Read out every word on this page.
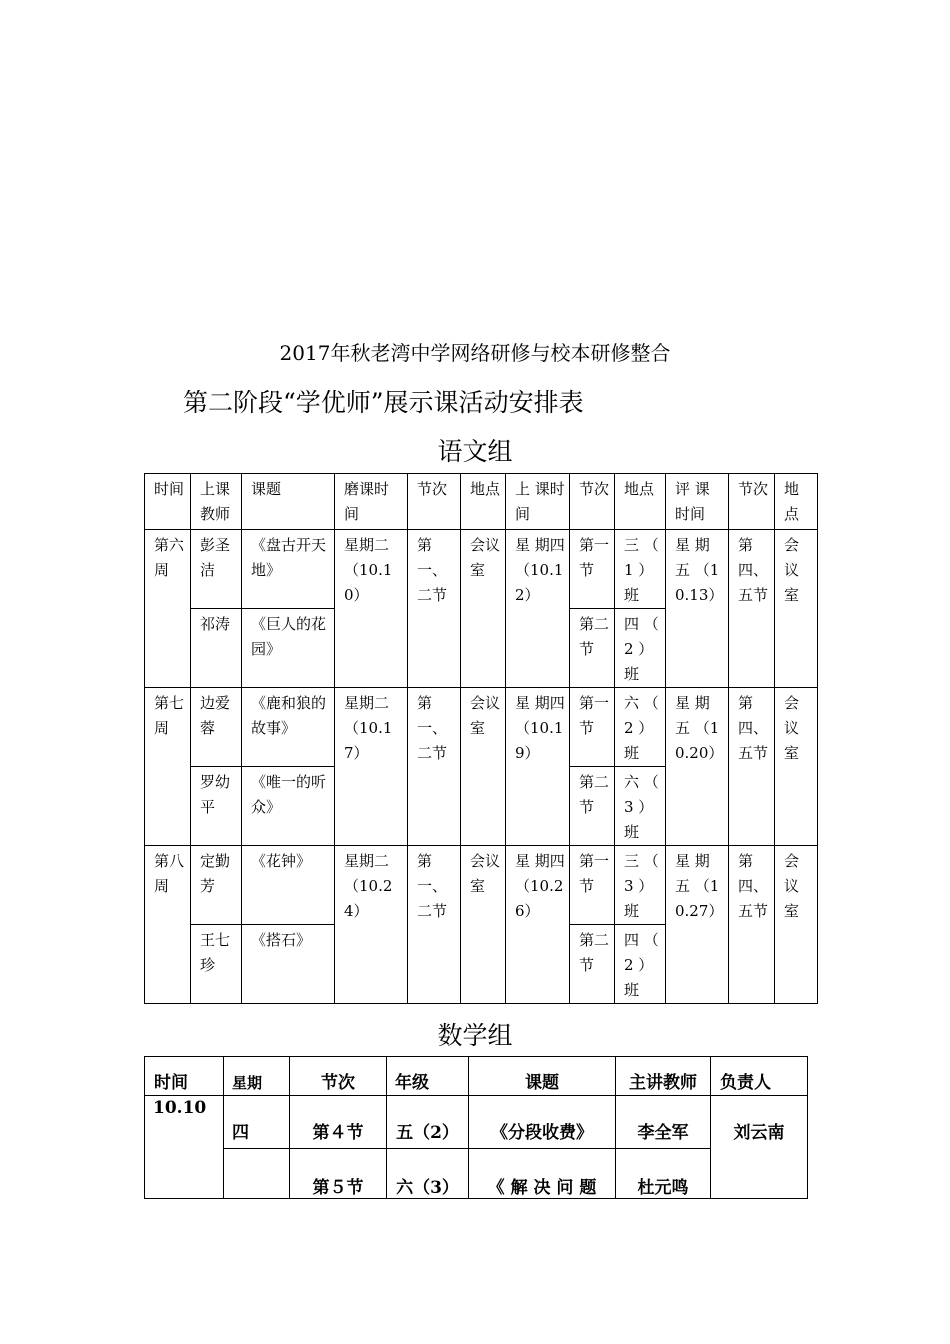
2017年秋老湾中学网络研修与校本研修整合
第二阶段“学优师”展示课活动安排表
语文组
时间	上课教师	课题	磨课时间	节次	地点	上 课时间	节次	地点	评 课时间	节次	地点
第六周	彭圣洁	《盘古开天地》	星期二（10.10）	第一、二节	会议室	星 期四 （10.12）	第一节	三 （ 1 ）班	星 期五 （10.13）	第四、五节	会议室
	祁涛	《巨人的花园》					第二节	四 （ 2 ）班			
第七周	边爱蓉	《鹿和狼的故事》	星期二（10.17）	第一、二节	会议室	星 期四 （10.19）	第一节	六 （ 2 ）班	星 期五 （10.20）	第四、五节	会议室
	罗幼平	《唯一的听众》					第二节	六 （ 3 ）班			
第八周	定勤芳	《花钟》	星期二（10.24）	第一、二节	会议室	星 期四 （10.26）	第一节	三 （ 3 ）班	星 期五 （10.27）	第四、五节	会议室
	王七珍	《搭石》					第二节	四 （ 2 ）班			
数学组
时间	星期	节次	年级	课题	主讲教师	负责人

10.10	四	第４节	五（2）	《分段收费》	李全军	刘云南

		第５节	六（3）	《 解 决 问 题	杜元鸣	
